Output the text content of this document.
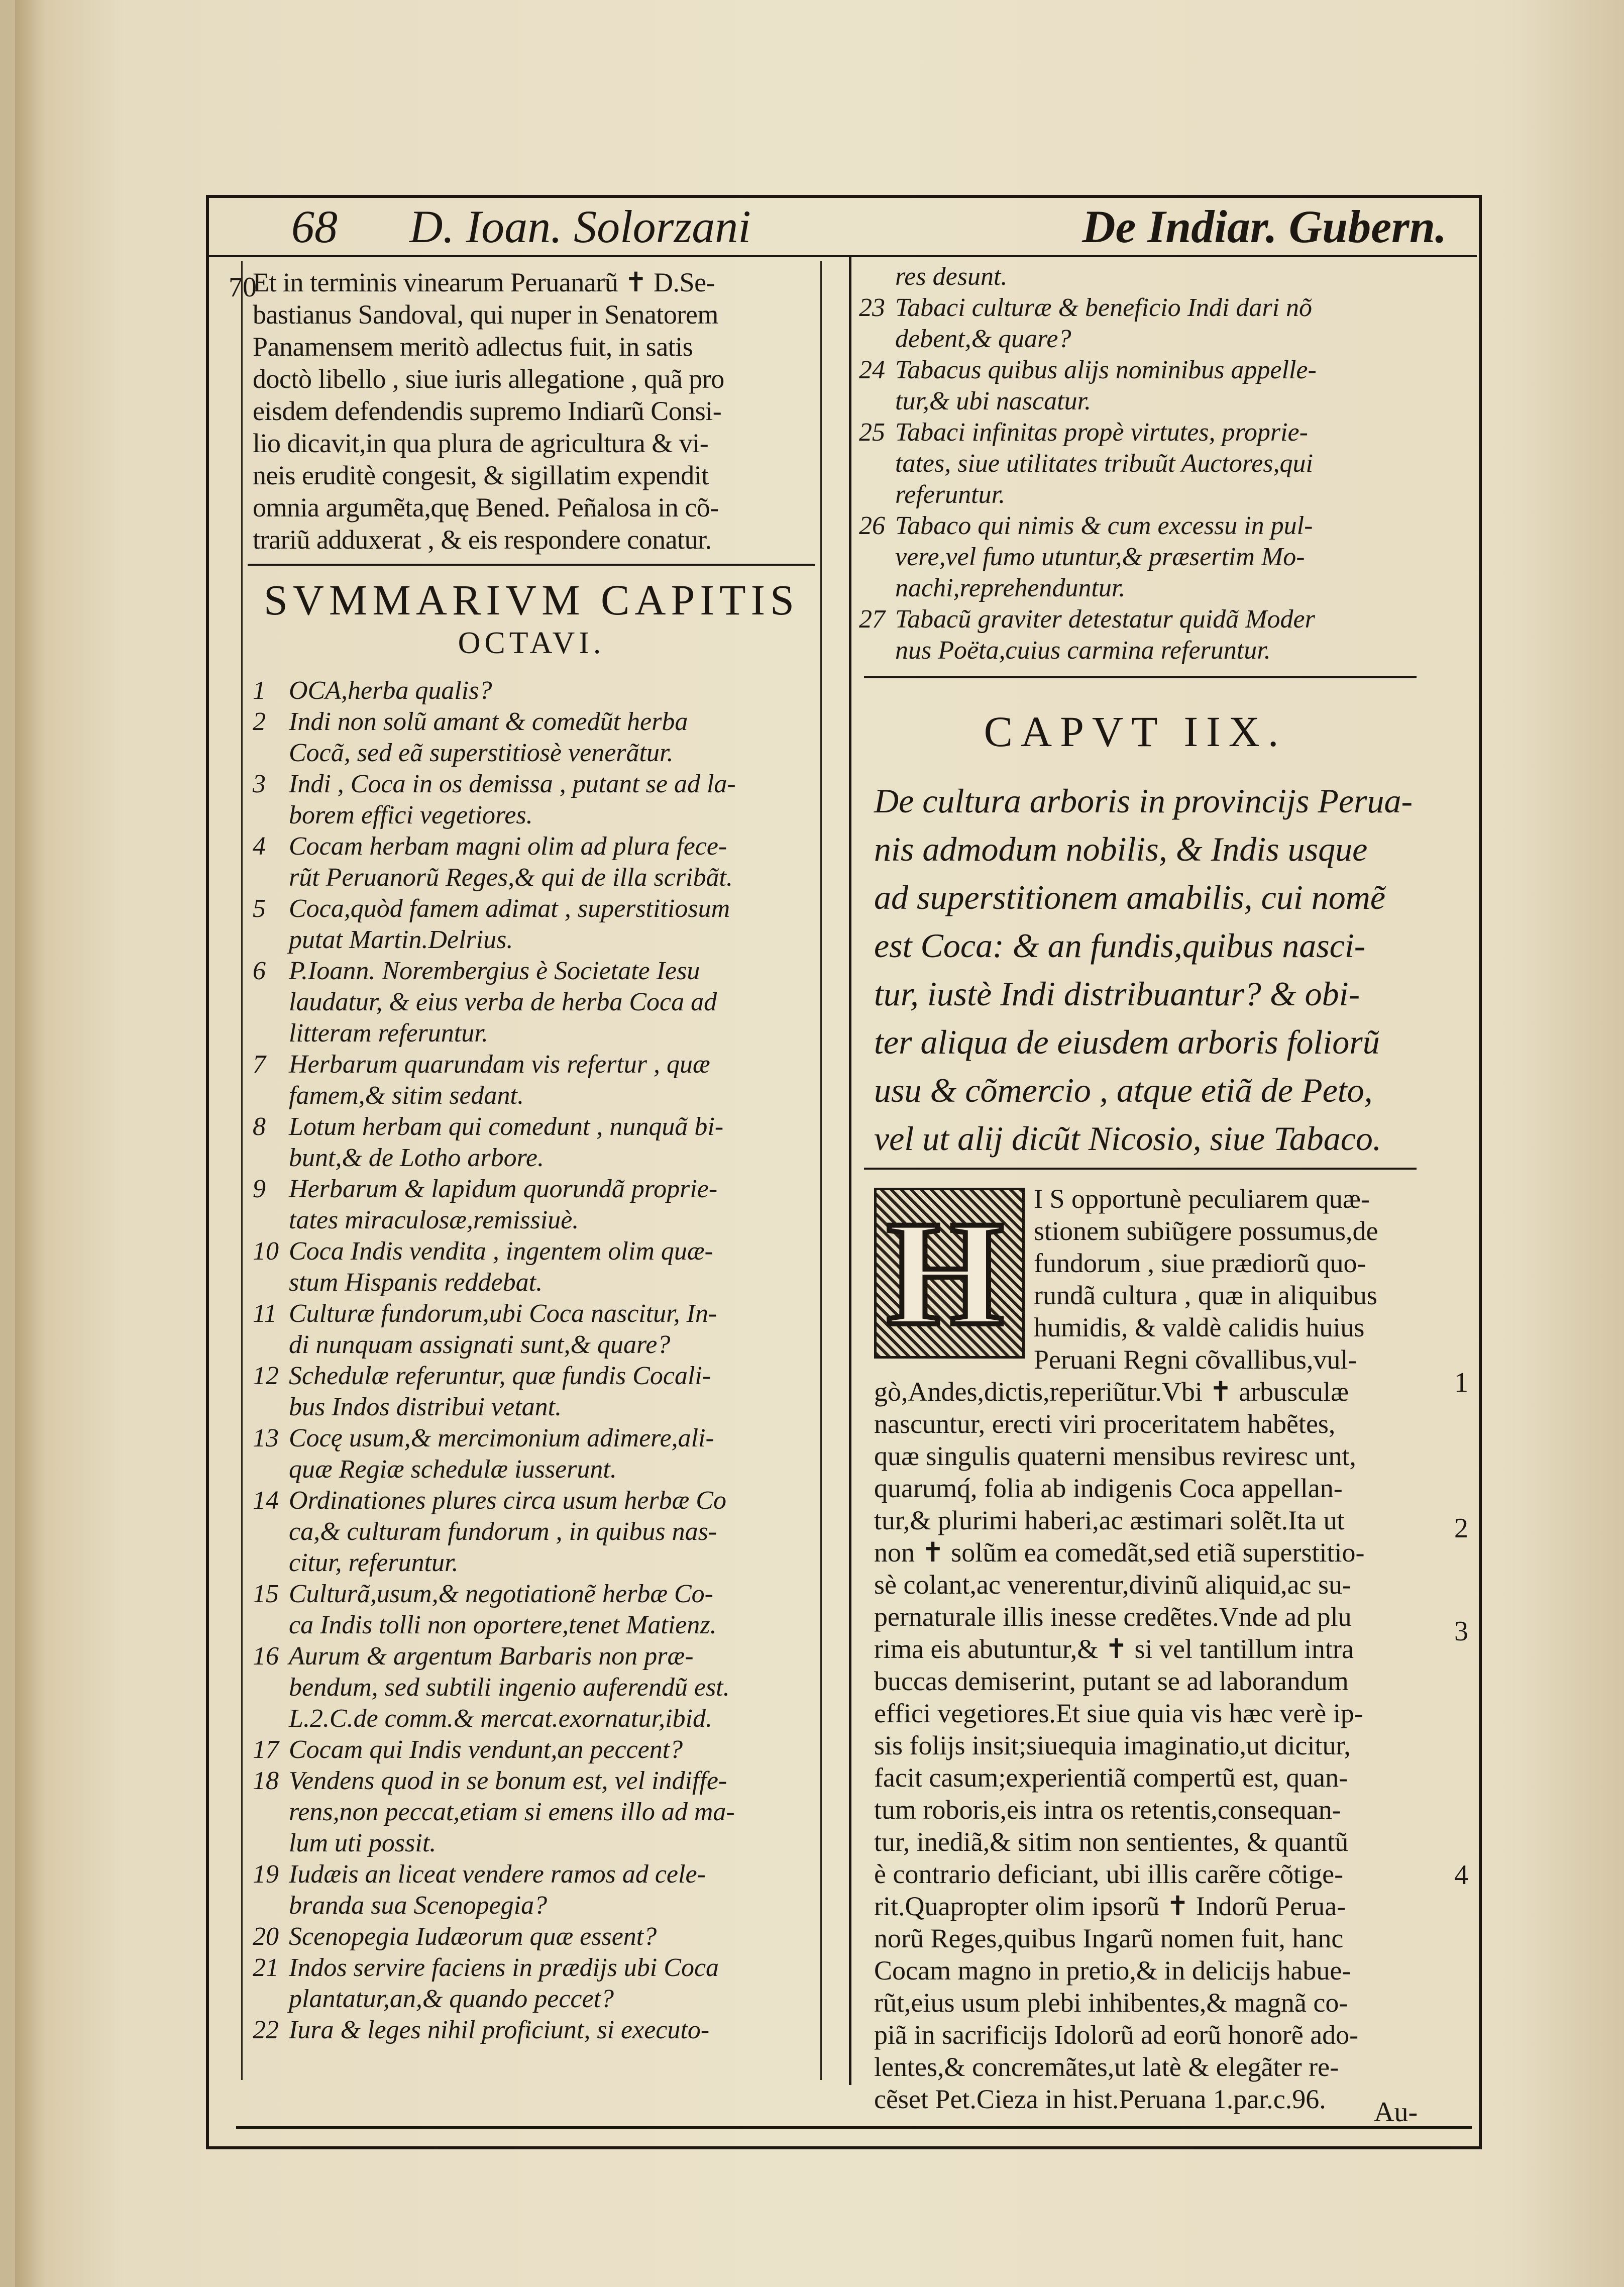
68 D. Ioan. Solorzani	De Indiar. Gubern.
70

Et in terminis vinearum Peruanarũ ✝ D.Se-

bastianus Sandoval, qui nuper in Senatorem

Panamensem meritò adlectus fuit, in satis

doctò libello , siue iuris allegatione , quã pro

eisdem defendendis supremo Indiarũ Consi-

lio dicavit,in qua plura de agricultura & vi-

neis eruditè congesit, & sigillatim expendit

omnia argumẽta,quę Bened. Peñalosa in cõ-

trariũ adduxerat , & eis respondere conatur.

SVMMARIVM CAPITIS
OCTAVI.
1 OCA,herba qualis?
2 Indi non solũ amant & comedũt herba
Cocã, sed eã superstitiosè venerãtur.
3 Indi , Coca in os demissa , putant se ad la-
borem effici vegetiores.
4 Cocam herbam magni olim ad plura fece-
rũt Peruanorũ Reges,& qui de illa scribãt.
5 Coca,quòd famem adimat , superstitiosum
putat Martin.Delrius.
6 P.Ioann. Norembergius è Societate Iesu
laudatur, & eius verba de herba Coca ad
litteram referuntur.
7 Herbarum quarundam vis refertur , quæ
famem,& sitim sedant.
8 Lotum herbam qui comedunt , nunquã bi-
bunt,& de Lotho arbore.
9 Herbarum & lapidum quorundã proprie-
tates miraculosæ,remissiuè.
10 Coca Indis vendita , ingentem olim quæ-
stum Hispanis reddebat.
11 Culturæ fundorum,ubi Coca nascitur, In-
di nunquam assignati sunt,& quare?
12 Schedulæ referuntur, quæ fundis Cocali-
bus Indos distribui vetant.
13 Cocę usum,& mercimonium adimere,ali-
quæ Regiæ schedulæ iusserunt.
14 Ordinationes plures circa usum herbæ Co
ca,& culturam fundorum , in quibus nas-
citur, referuntur.
15 Culturã,usum,& negotiationẽ herbæ Co-
ca Indis tolli non oportere,tenet Matienz.
16 Aurum & argentum Barbaris non præ-
bendum, sed subtili ingenio auferendũ est.
L.2.C.de comm.& mercat.exornatur,ibid.
17 Cocam qui Indis vendunt,an peccent?
18 Vendens quod in se bonum est, vel indiffe-
rens,non peccat,etiam si emens illo ad ma-
lum uti possit.
19 Iudæis an liceat vendere ramos ad cele-
branda sua Scenopegia?
20 Scenopegia Iudæorum quæ essent?
21 Indos servire faciens in prædijs ubi Coca
plantatur,an,& quando peccet?
22 Iura & leges nihil proficiunt, si executo-
res desunt.
23 Tabaci culturæ & beneficio Indi dari nõ
debent,& quare?
24 Tabacus quibus alijs nominibus appelle-
tur,& ubi nascatur.
25 Tabaci infinitas propè virtutes, proprie-
tates, siue utilitates tribuũt Auctores,qui
referuntur.
26 Tabaco qui nimis & cum excessu in pul-
vere,vel fumo utuntur,& præsertim Mo-
nachi,reprehenduntur.
27 Tabacũ graviter detestatur quidã Moder
nus Poëta,cuius carmina referuntur.
CAPVT IIX.

De cultura arboris in provincijs Perua-

nis admodum nobilis, & Indis usque

ad superstitionem amabilis, cui nomẽ

est Coca: & an fundis,quibus nasci-

tur, iustè Indi distribuantur? & obi-

ter aliqua de eiusdem arboris foliorũ

usu & cõmercio , atque etiã de Peto,

vel ut alij dicũt Nicosio, siue Tabaco.

H	I S opportunè peculiarem quæ-

stionem subiũgere possumus,de

fundorum , siue prædiorũ quo-

rundã cultura , quæ in aliquibus

humidis, & valdè calidis huius

Peruani Regni cõvallibus,vul-

gò,Andes,dictis,reperiũtur.Vbi ✝ arbusculæ

nascuntur, erecti viri proceritatem habẽtes,

quæ singulis quaterni mensibus reviresc unt,

quarumq́, folia ab indigenis Coca appellan-

tur,& plurimi haberi,ac æstimari solẽt.Ita ut

non ✝ solũm ea comedãt,sed etiã superstitio-

sè colant,ac venerentur,divinũ aliquid,ac su-

pernaturale illis inesse credẽtes.Vnde ad plu

rima eis abutuntur,& ✝ si vel tantillum intra

buccas demiserint, putant se ad laborandum

effici vegetiores.Et siue quia vis hæc verè ip-

sis folijs insit;siuequia imaginatio,ut dicitur,

facit casum;experientiã compertũ est, quan-

tum roboris,eis intra os retentis,consequan-

tur, inediã,& sitim non sentientes, & quantũ

è contrario deficiant, ubi illis carẽre cõtige-

rit.Quapropter olim ipsorũ ✝ Indorũ Perua-

norũ Reges,quibus Ingarũ nomen fuit, hanc

Cocam magno in pretio,& in delicijs habue-

rũt,eius usum plebi inhibentes,& magnã co-

piã in sacrificijs Idolorũ ad eorũ honorẽ ado-

lentes,& concremãtes,ut latè & elegãter re-

cẽset Pet.Cieza in hist.Peruana 1.par.c.96.

1
2
3
4
Au-
